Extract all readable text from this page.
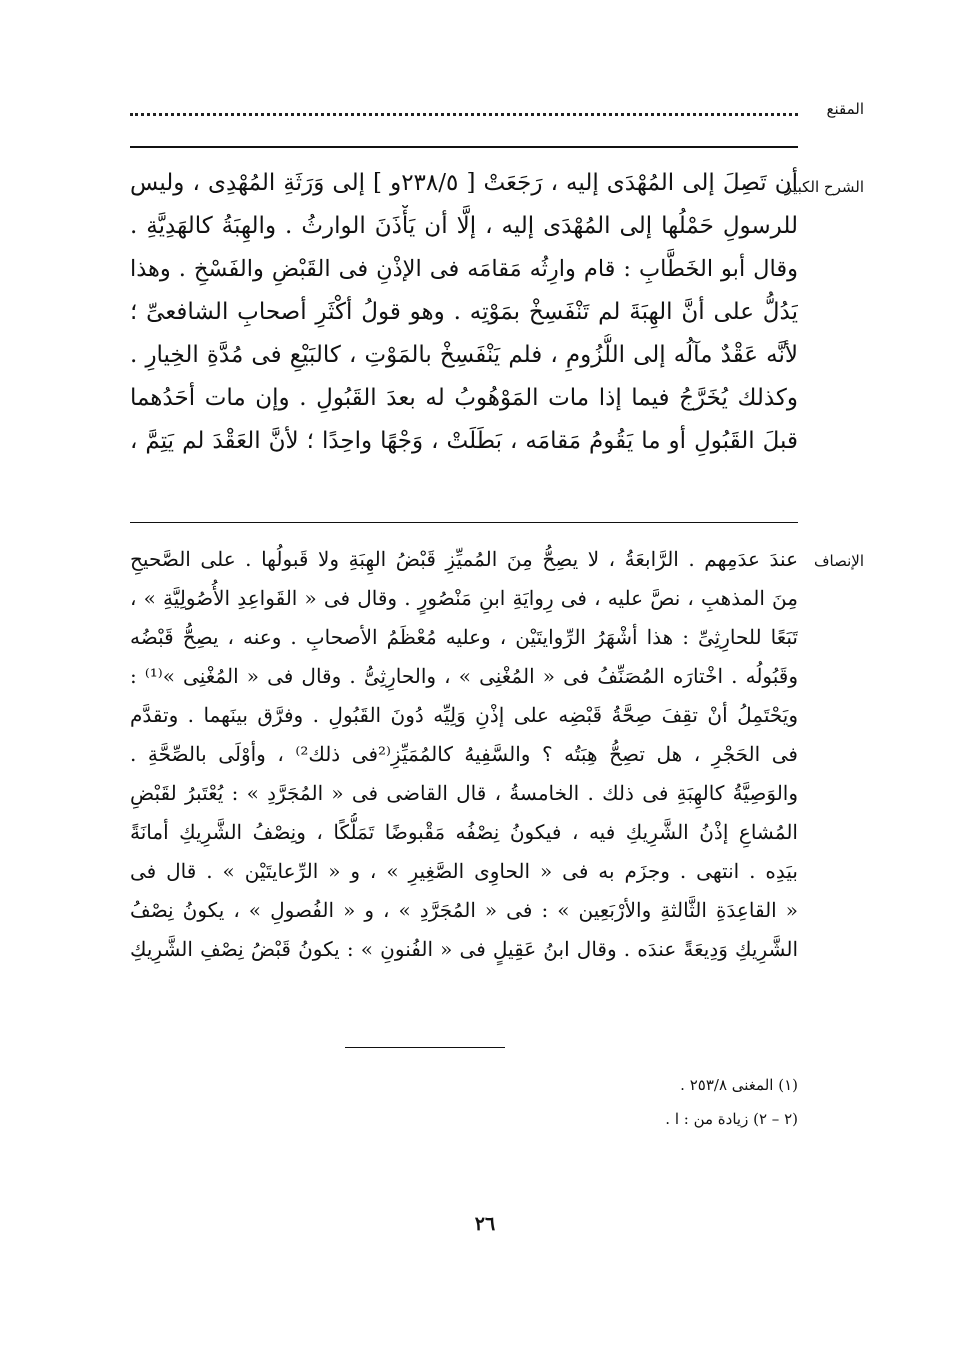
المقنع
الشرح الكبير
أن تَصِلَ إلى المُهْدَى إليه ، رَجَعَتْ [ ٢٣٨/٥و ] إلى وَرَثَةِ المُهْدِى ، وليس
للرسولِ حَمْلُها إلى المُهْدَى إليه ، إلَّا أن يَأْذَنَ الوارثُ . والهِبَةُ كالهَدِيَّةِ .
وقال أبو الخَطَّابِ : قام وارِثُه مَقامَه فى الإذْنِ فى القَبْضِ والفَسْخِ . وهذا
يَدُلُّ على أنَّ الهِبَةَ لم تَنْفَسِخْ بمَوْتِه . وهو قولُ أكْثَرِ أصحابِ الشافعىِّ ؛
لأنَّه عَقْدٌ مآلُه إلى اللُّزُومِ ، فلم يَنْفَسِخْ بالمَوْتِ ، كالبَيْعِ فى مُدَّةِ الخِيارِ .
وكذلك يُخَرَّجُ فيما إذا مات المَوْهُوبُ له بعدَ القَبُولِ . وإن مات أحَدُهما
قبلَ القَبُولِ أو ما يَقُومُ مَقامَه ، بَطَلَتْ ، وَجْهًا واحِدًا ؛ لأنَّ العَقْدَ لم يَتِمَّ ،
الإنصاف
عندَ عدَمِهم . الرَّابعَةُ ، لا يصِحُّ مِنَ المُميِّزِ قَبْضُ الهِبَةِ ولا قَبولُها . على الصَّحيحِ
مِنَ المذهبِ ، نصَّ عليه ، فى رِوايَةِ ابنِ مَنْصُورٍ . وقال فى « القَواعِدِ الأُصُولِيَّةِ » ،
تَبَعًا للحارِثِىِّ : هذا أشْهَرُ الرِّوايتَيْن ، وعليه مُعْظَمُ الأصحابِ . وعنه ، يصِحُّ قَبْضُه
وقَبُولُه . اخْتارَه المُصَنِّفُ فى « المُغْنِى » ، والحارِثِىُّ . وقال فى « المُغْنِى »⁽¹⁾ :
ويَحْتَمِلُ أنْ تقِفَ صِحَّةُ قَبْضِه على إذْنِ وَلِيِّه دُونَ القَبُولِ . وفرَّق بينَهما . وتقدَّم
فى الحَجْرِ ، هل تصِحُّ هِبَتُه ؟ والسَّفِيهُ كالمُمَيِّزِ⁽²فى ذلك²⁾ ، وأوْلَى بالصِّحَّةِ .
والوَصِيَّةُ كالهِبَةِ فى ذلك . الخامسةُ ، قال القاضى فى « المُجَرَّدِ » : يُعْتَبرُ لقَبْضِ
المُشاعِ إذْنُ الشَّرِيكِ فيه ، فيكونُ نِصْفُه مَقْبوضًا تَمَلُّكًا ، ونِصْفُ الشَّرِيكِ أمانَةً
بيَدِه . انتهى . وجزَم به فى « الحاوِى الصَّغِيرِ » ، و « الرِّعايتَيْن » . قال فى
« القاعِدَةِ الثَّالثةِ والأرْبَعِين » : فى « المُجَرَّدِ » ، و « الفُصولِ » ، يكونُ نِصْفُ
الشَّرِيكِ وَدِيعَةً عندَه . وقال ابنُ عَقِيلٍ فى « الفُنونِ » : يكونُ قَبْضُ نِصْفِ الشَّرِيكِ
(١) المغنى ٢٥٣/٨ .
(٢ – ٢) زيادة من : ا .
٢٦
